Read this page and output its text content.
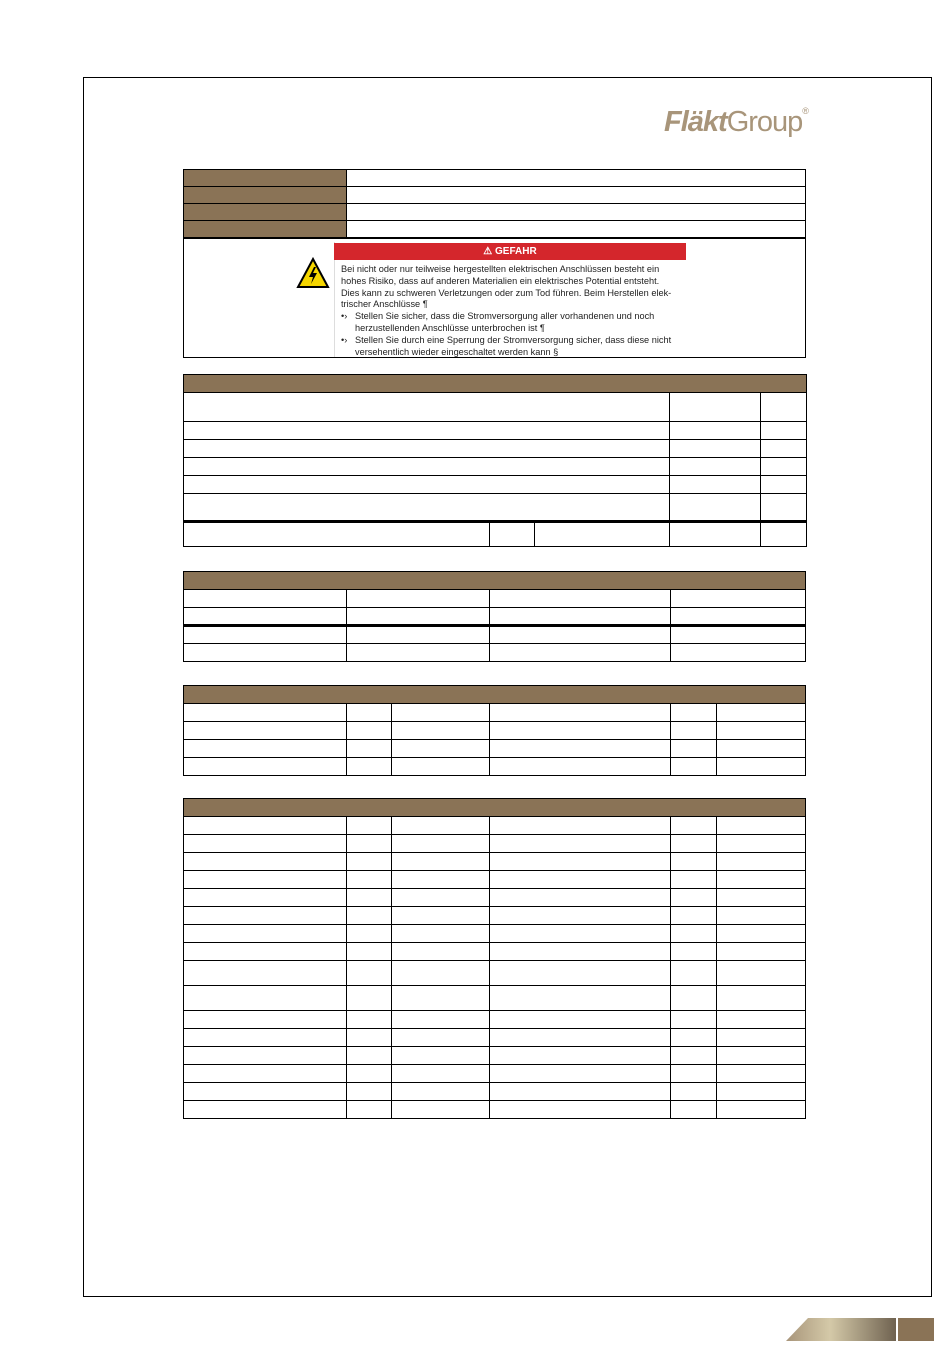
FläktGroup®

⚠ GEFAHR

Bei nicht oder nur teilweise hergestellten elektrischen Anschlüssen besteht ein

hohes Risiko, dass auf anderen Materialien ein elektrisches Potential entsteht.

Dies kann zu schweren Verletzungen oder zum Tod führen. Beim Herstellen elek-

trischer Anschlüsse ¶

•› Stellen Sie sicher, dass die Stromversorgung aller vorhandenen und noch

herzustellenden Anschlüsse unterbrochen ist ¶

•› Stellen Sie durch eine Sperrung der Stromversorgung sicher, dass diese nicht

versehentlich wieder eingeschaltet werden kann §
